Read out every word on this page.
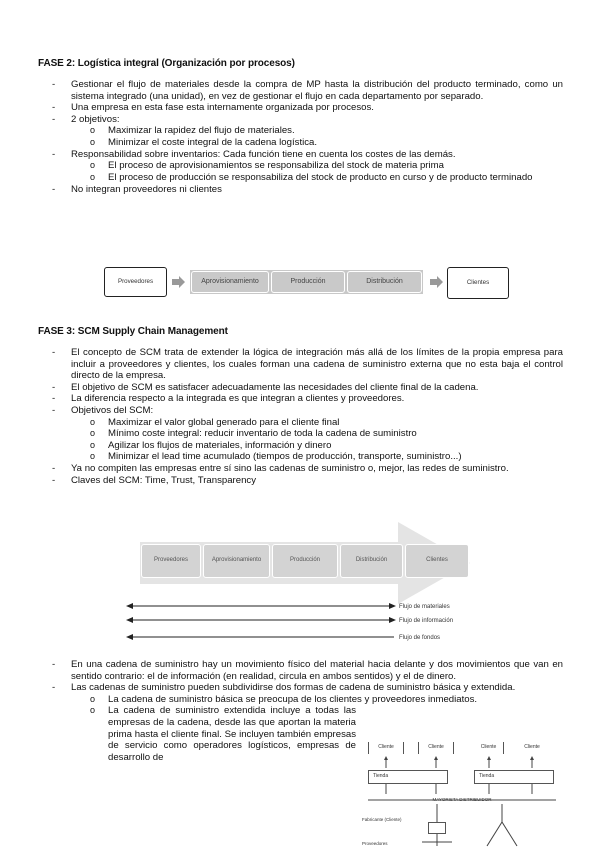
FASE 2: Logística integral (Organización por procesos)
- Gestionar el flujo de materiales desde la compra de MP hasta la distribución del producto terminado, como un sistema integrado (una unidad), en vez de gestionar el flujo en cada departamento por separado.
- Una empresa en esta fase esta internamente organizada por procesos.
- 2 objetivos:
o Maximizar la rapidez del flujo de materiales.
o Minimizar el coste integral de la cadena logística.
- Responsabilidad sobre inventarios: Cada función tiene en cuenta los costes de las demás.
o El proceso de aprovisionamientos se responsabiliza del stock de materia prima
o El proceso de producción se responsabiliza del stock de producto en curso y de producto terminado
- No integran proveedores ni clientes
Proveedores	Aprovisionamiento	Producción	Distribución	Clientes
FASE 3: SCM Supply Chain Management
- El concepto de SCM trata de extender la lógica de integración más allá de los límites de la propia empresa para incluir a proveedores y clientes, los cuales forman una cadena de suministro externa que no esta baja el control directo de la empresa.
- El objetivo de SCM es satisfacer adecuadamente las necesidades del cliente final de la cadena.
- La diferencia respecto a la integrada es que integran a clientes y proveedores.
- Objetivos del SCM:
o Maximizar el valor global generado para el cliente final
o Mínimo coste integral: reducir inventario de toda la cadena de suministro
o Agilizar los flujos de materiales, información y dinero
o Minimizar el lead time acumulado (tiempos de producción, transporte, suministro...)
- Ya no compiten las empresas entre sí sino las cadenas de suministro o, mejor, las redes de suministro.
- Claves del SCM: Time, Trust, Transparency
Proveedores	Aprovisionamiento	Producción	Distribución	Clientes
Flujo de materiales
Flujo de información
Flujo de fondos
- En una cadena de suministro hay un movimiento físico del material hacia delante y dos movimientos que van en sentido contrario: el de información (en realidad, circula en ambos sentidos) y el de dinero.
- Las cadenas de suministro pueden subdividirse dos formas de cadena de suministro básica y extendida.
o La cadena de suministro básica se preocupa de los clientes y proveedores inmediatos.
o La cadena de suministro extendida incluye a todas las empresas de la cadena, desde las que aportan la materia prima hasta el cliente final. Se incluyen también empresas de servicio como operadores logísticos, empresas de desarrollo de
Cliente	Cliente	Cliente	Cliente
Tienda	Tienda
MAYORISTA DISTRIBUIDOR
Fabricante (Cliente)
Proveedores
